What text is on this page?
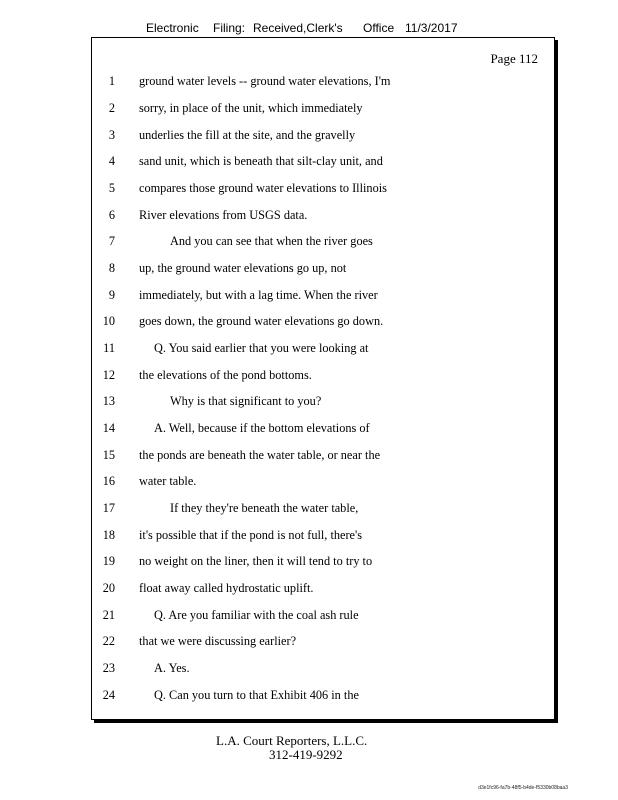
Electronic Filing: Received,Clerk's Office 11/3/2017
Page 112
1 ground water levels -- ground water elevations, I'm
2 sorry, in place of the unit, which immediately
3 underlies the fill at the site, and the gravelly
4 sand unit, which is beneath that silt-clay unit, and
5 compares those ground water elevations to Illinois
6 River elevations from USGS data.
7	And you can see that when the river goes
8 up, the ground water elevations go up, not
9 immediately, but with a lag time. When the river
10 goes down, the ground water elevations go down.
11	Q. You said earlier that you were looking at
12 the elevations of the pond bottoms.
13	Why is that significant to you?
14	A. Well, because if the bottom elevations of
15 the ponds are beneath the water table, or near the
16 water table.
17	If they they're beneath the water table,
18 it's possible that if the pond is not full, there's
19 no weight on the liner, then it will tend to try to
20 float away called hydrostatic uplift.
21	Q. Are you familiar with the coal ash rule
22 that we were discussing earlier?
23	A. Yes.
24	Q. Can you turn to that Exhibit 406 in the
L.A. Court Reporters, L.L.C.
312-419-9292
d3e1fc96-fa7b-48f5-b4de-f5330b08baa3
